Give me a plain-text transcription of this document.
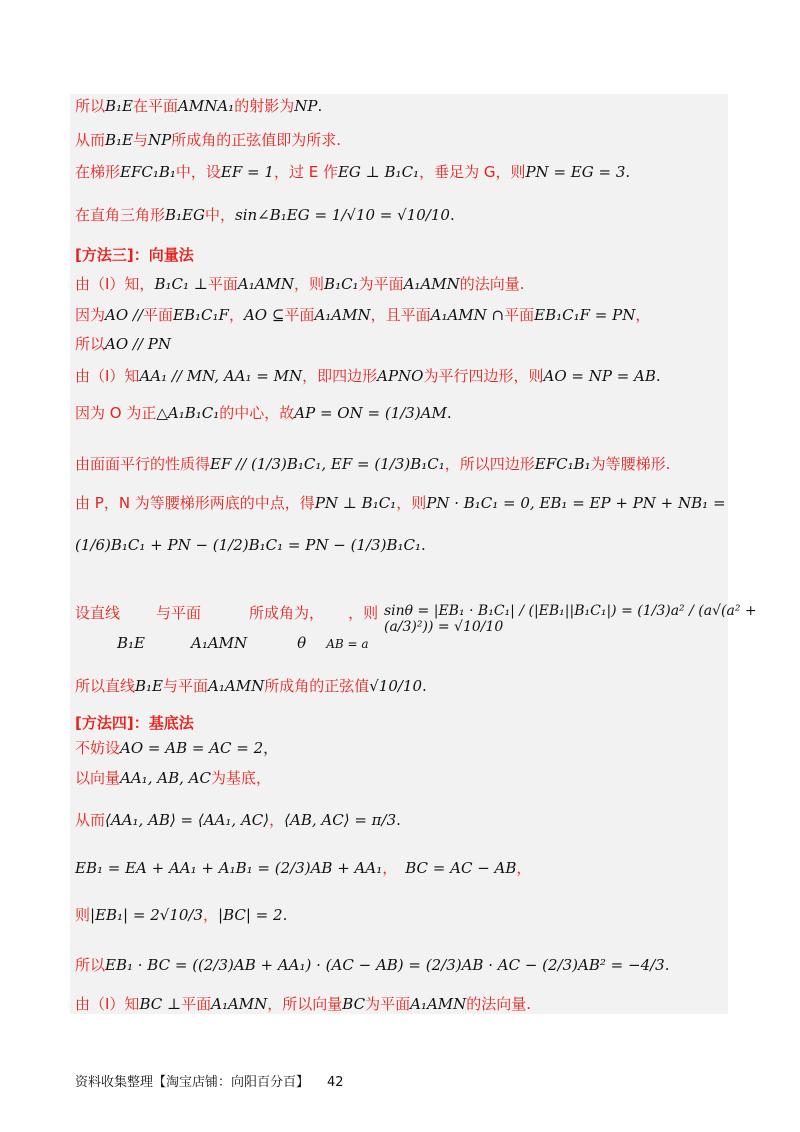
所以B₁E在平面AMNA₁的射影为NP.
从而B₁E与NP所成角的正弦值即为所求.
在梯形EFC₁B₁中，设EF = 1，过 E 作EG ⊥ B₁C₁，垂足为 G，则PN = EG = 3.
在直角三角形B₁EG中，sin∠B₁EG = 1/√10 = √10/10.
[方法三]：向量法
由（Ⅰ）知，B₁C₁ ⊥平面A₁AMN，则B₁C₁为平面A₁AMN的法向量.
因为AO //平面EB₁C₁F，AO ⊆平面A₁AMN，且平面A₁AMN ∩平面EB₁C₁F = PN，
所以AO // PN
由（Ⅰ）知AA₁ // MN, AA₁ = MN，即四边形APNO为平行四边形，则AO = NP = AB.
因为 O 为正△A₁B₁C₁的中心，故AP = ON = (1/3)AM.
由面面平行的性质得EF // (1/3)B₁C₁, EF = (1/3)B₁C₁，所以四边形EFC₁B₁为等腰梯形.
由 P，N 为等腰梯形两底的中点，得PN ⊥ B₁C₁，则PN · B₁C₁ = 0, EB₁ = EP + PN + NB₁ =
(1/6)B₁C₁ + PN − (1/2)B₁C₁ = PN − (1/3)B₁C₁.
设直线 与平面	所成角为， ，则 sinθ = |EB₁ · B₁C₁| / (|EB₁||B₁C₁|) = (1/3)a² / (a√(a² + (a/3)²)) = √10/10
B₁E	A₁AMN	θ AB = a
所以直线B₁E与平面A₁AMN所成角的正弦值√10/10.
[方法四]：基底法
不妨设AO = AB = AC = 2，
以向量AA₁, AB, AC为基底，
从而⟨AA₁, AB⟩ = ⟨AA₁, AC⟩，⟨AB, AC⟩ = π/3.
EB₁ = EA + AA₁ + A₁B₁ = (2/3)AB + AA₁， BC = AC − AB，
则|EB₁| = 2√10/3，|BC| = 2.
所以EB₁ · BC = ((2/3)AB + AA₁) · (AC − AB) = (2/3)AB · AC − (2/3)AB² = −4/3.
由（Ⅰ）知BC ⊥平面A₁AMN，所以向量BC为平面A₁AMN的法向量.
资料收集整理【淘宝店铺：向阳百分百】 42
